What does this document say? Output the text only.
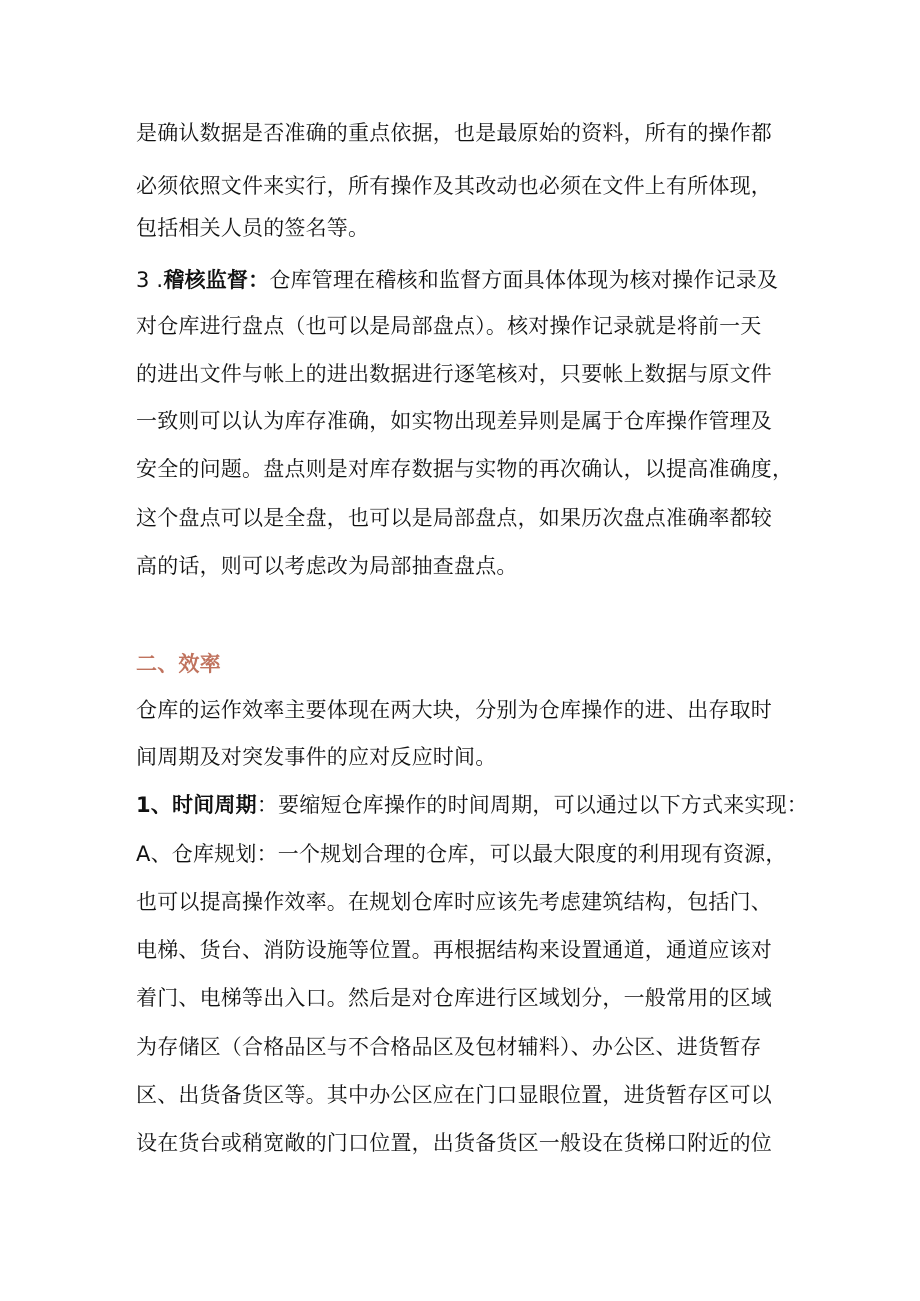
是确认数据是否准确的重点依据，也是最原始的资料，所有的操作都
必须依照文件来实行，所有操作及其改动也必须在文件上有所体现，
包括相关人员的签名等。
3 .稽核监督：仓库管理在稽核和监督方面具体体现为核对操作记录及
对仓库进行盘点（也可以是局部盘点）。核对操作记录就是将前一天
的进出文件与帐上的进出数据进行逐笔核对，只要帐上数据与原文件
一致则可以认为库存准确，如实物出现差异则是属于仓库操作管理及
安全的问题。盘点则是对库存数据与实物的再次确认，以提高准确度，
这个盘点可以是全盘，也可以是局部盘点，如果历次盘点准确率都较
高的话，则可以考虑改为局部抽查盘点。
二、效率
仓库的运作效率主要体现在两大块，分别为仓库操作的进、出存取时
间周期及对突发事件的应对反应时间。
1、时间周期：要缩短仓库操作的时间周期，可以通过以下方式来实现：
A、仓库规划：一个规划合理的仓库，可以最大限度的利用现有资源，
也可以提高操作效率。在规划仓库时应该先考虑建筑结构，包括门、
电梯、货台、消防设施等位置。再根据结构来设置通道，通道应该对
着门、电梯等出入口。然后是对仓库进行区域划分，一般常用的区域
为存储区（合格品区与不合格品区及包材辅料）、办公区、进货暂存
区、出货备货区等。其中办公区应在门口显眼位置，进货暂存区可以
设在货台或稍宽敞的门口位置，出货备货区一般设在货梯口附近的位
